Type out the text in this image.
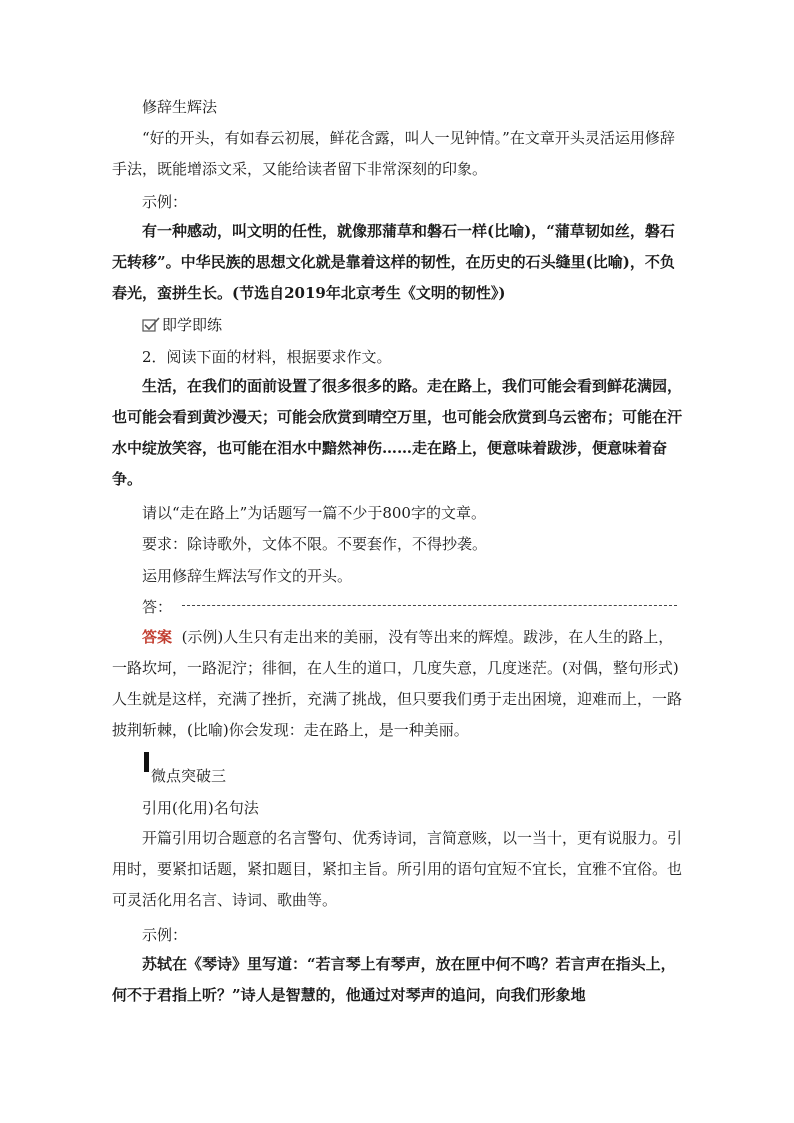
修辞生辉法
“好的开头，有如春云初展，鲜花含露，叫人一见钟情。”在文章开头灵活运用修辞手法，既能增添文采，又能给读者留下非常深刻的印象。
示例：
有一种感动，叫文明的任性，就像那蒲草和磐石一样(比喻)，“蒲草韧如丝，磐石无转移”。中华民族的思想文化就是靠着这样的韧性，在历史的石头缝里(比喻)，不负春光，蛮拼生长。(节选自2019年北京考生《文明的韧性》)
即学即练
2．阅读下面的材料，根据要求作文。
生活，在我们的面前设置了很多很多的路。走在路上，我们可能会看到鲜花满园，也可能会看到黄沙漫天；可能会欣赏到晴空万里，也可能会欣赏到乌云密布；可能在汗水中绽放笑容，也可能在泪水中黯然神伤……走在路上，便意味着跋涉，便意味着奋争。
请以“走在路上”为话题写一篇不少于800字的文章。
要求：除诗歌外，文体不限。不要套作，不得抄袭。
运用修辞生辉法写作文的开头。
答：
答案 (示例)人生只有走出来的美丽，没有等出来的辉煌。跋涉，在人生的路上，一路坎坷，一路泥泞；徘徊，在人生的道口，几度失意，几度迷茫。(对偶，整句形式)人生就是这样，充满了挫折，充满了挑战，但只要我们勇于走出困境，迎难而上，一路披荆斩棘，(比喻)你会发现：走在路上，是一种美丽。
微点突破三
引用(化用)名句法
开篇引用切合题意的名言警句、优秀诗词，言简意赅，以一当十，更有说服力。引用时，要紧扣话题，紧扣题目，紧扣主旨。所引用的语句宜短不宜长，宜雅不宜俗。也可灵活化用名言、诗词、歌曲等。
示例：
苏轼在《琴诗》里写道：“若言琴上有琴声，放在匣中何不鸣？若言声在指头上，何不于君指上听？”诗人是智慧的，他通过对琴声的追问，向我们形象地
